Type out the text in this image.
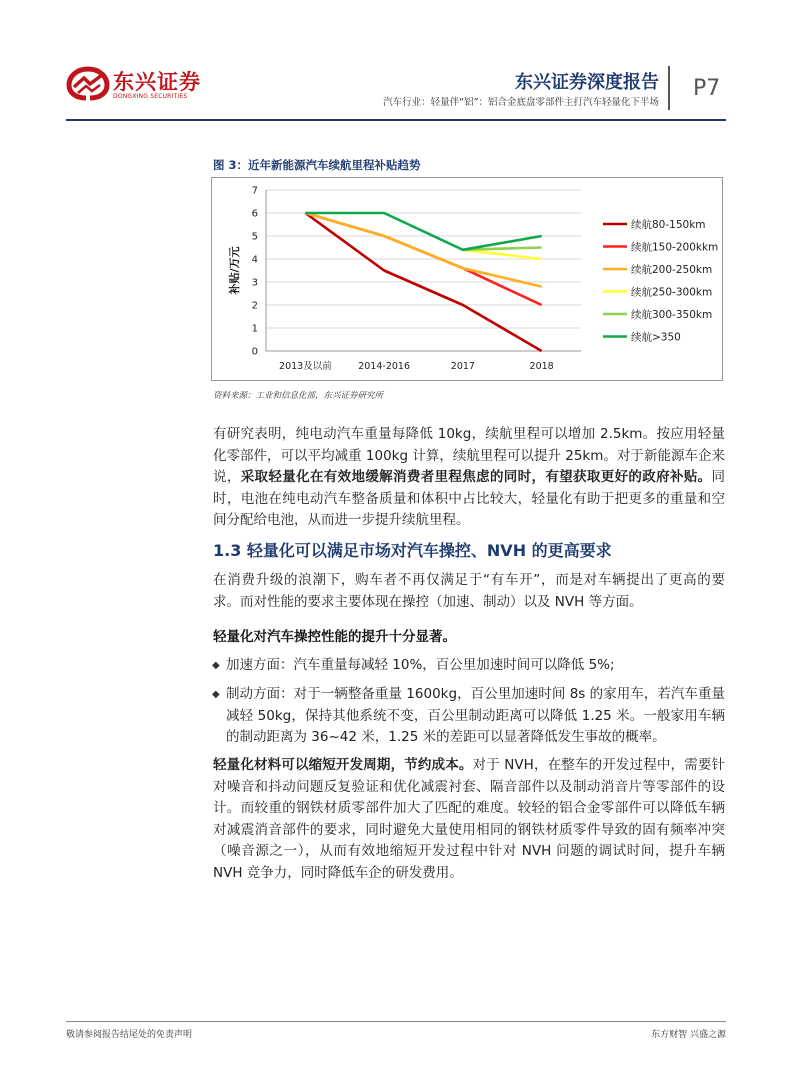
东兴证券
DONGXING SECURITIES
东兴证券深度报告
汽车行业：轻量伴“铝”：铝合金底盘零部件主打汽车轻量化下半场
P7
图 3：近年新能源汽车续航里程补贴趋势
0
1
2
3
4
5
6
7
2013及以前	2014-2016	2017	2018
补贴/万元
续航80-150km
续航150-200kkm
续航200-250km
续航250-300km
续航300-350km
续航>350
资料来源：工业和信息化部，东兴证券研究所
有研究表明，纯电动汽车重量每降低 10kg，续航里程可以增加 2.5km。按应用轻量化零部件，可以平均减重 100kg 计算，续航里程可以提升 25km。对于新能源车企来说，采取轻量化在有效地缓解消费者里程焦虑的同时，有望获取更好的政府补贴。同时，电池在纯电动汽车整备质量和体积中占比较大，轻量化有助于把更多的重量和空间分配给电池，从而进一步提升续航里程。
1.3 轻量化可以满足市场对汽车操控、NVH 的更高要求
在消费升级的浪潮下，购车者不再仅满足于“有车开”，而是对车辆提出了更高的要求。而对性能的要求主要体现在操控（加速、制动）以及 NVH 等方面。
轻量化对汽车操控性能的提升十分显著。
◆ 加速方面：汽车重量每减轻 10%，百公里加速时间可以降低 5%;
◆ 制动方面：对于一辆整备重量 1600kg，百公里加速时间 8s 的家用车，若汽车重量减轻 50kg，保持其他系统不变，百公里制动距离可以降低 1.25 米。一般家用车辆的制动距离为 36~42 米，1.25 米的差距可以显著降低发生事故的概率。
轻量化材料可以缩短开发周期，节约成本。对于 NVH，在整车的开发过程中，需要针对噪音和抖动问题反复验证和优化减震衬套、隔音部件以及制动消音片等零部件的设计。而较重的钢铁材质零部件加大了匹配的难度。较轻的铝合金零部件可以降低车辆对减震消音部件的要求，同时避免大量使用相同的钢铁材质零件导致的固有频率冲突（噪音源之一），从而有效地缩短开发过程中针对 NVH 问题的调试时间，提升车辆 NVH 竞争力，同时降低车企的研发费用。
敬请参阅报告结尾处的免责声明	东方财智 兴盛之源
